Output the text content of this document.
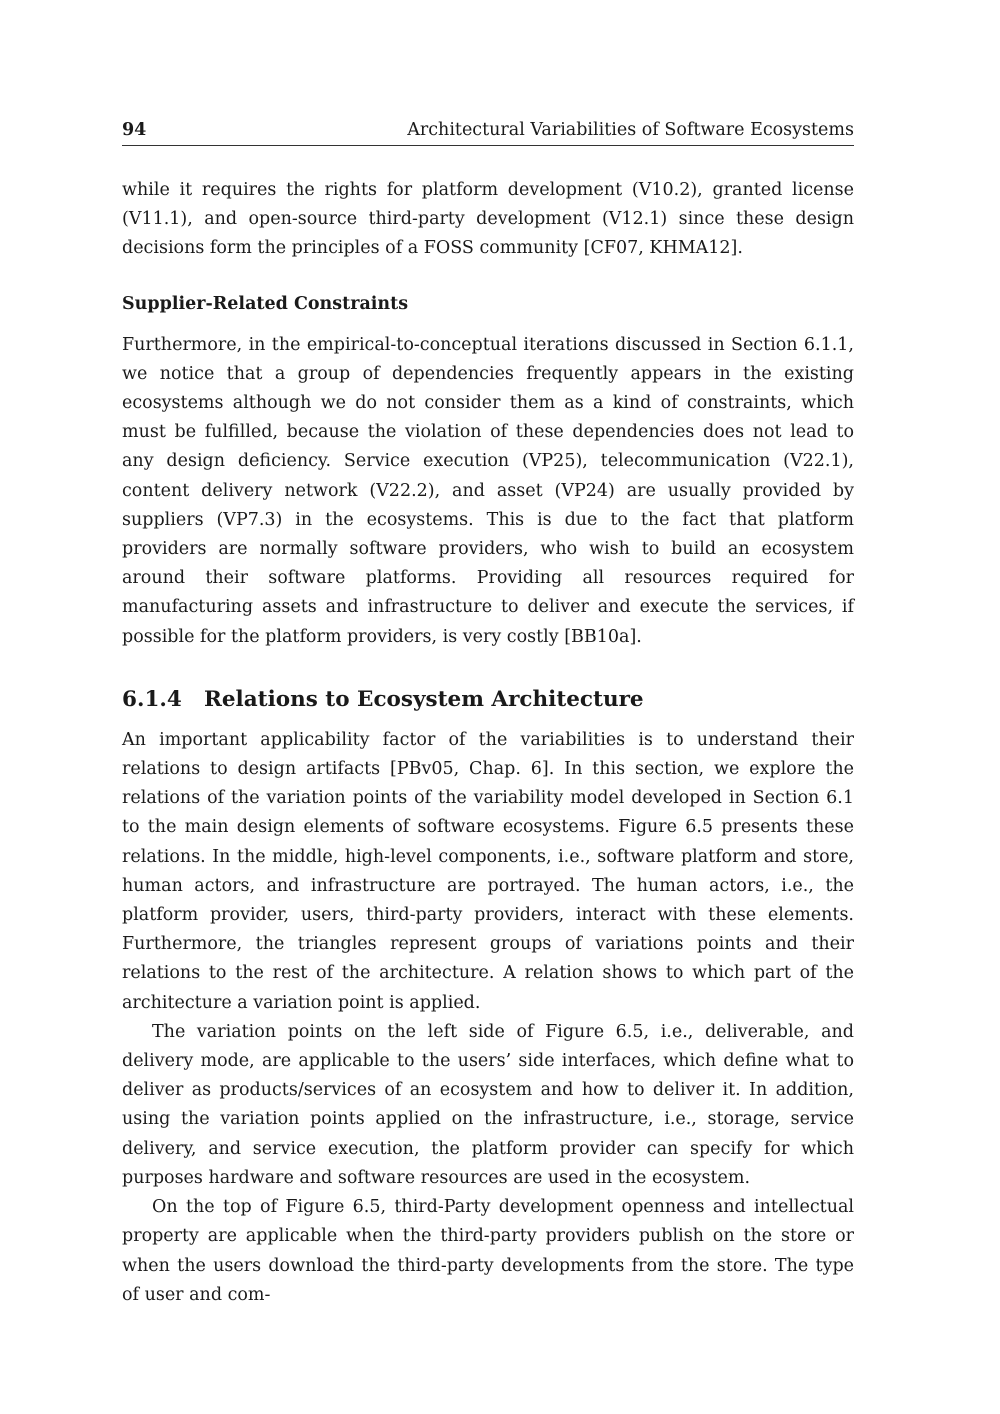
94	Architectural Variabilities of Software Ecosystems

while it requires the rights for platform development (V10.2), granted license (V11.1), and open-source third-party development (V12.1) since these design decisions form the principles of a FOSS community [CF07, KHMA12].

Supplier-Related Constraints

Furthermore, in the empirical-to-conceptual iterations discussed in Section 6.1.1, we notice that a group of dependencies frequently appears in the existing ecosystems although we do not consider them as a kind of constraints, which must be fulfilled, because the violation of these dependencies does not lead to any design deficiency. Service execution (VP25), telecommunication (V22.1), content delivery network (V22.2), and asset (VP24) are usually provided by suppliers (VP7.3) in the ecosystems. This is due to the fact that platform providers are normally software providers, who wish to build an ecosystem around their software platforms. Providing all resources required for manufacturing assets and infrastructure to deliver and execute the services, if possible for the platform providers, is very costly [BB10a].

6.1.4	Relations to Ecosystem Architecture

An important applicability factor of the variabilities is to understand their relations to design artifacts [PBv05, Chap. 6]. In this section, we explore the relations of the variation points of the variability model developed in Section 6.1 to the main design elements of software ecosystems. Figure 6.5 presents these relations. In the middle, high-level components, i.e., software platform and store, human actors, and infrastructure are portrayed. The human actors, i.e., the platform provider, users, third-party providers, interact with these elements. Furthermore, the triangles represent groups of variations points and their relations to the rest of the architecture. A relation shows to which part of the architecture a variation point is applied.

The variation points on the left side of Figure 6.5, i.e., deliverable, and delivery mode, are applicable to the users’ side interfaces, which define what to deliver as products/services of an ecosystem and how to deliver it. In addition, using the variation points applied on the infrastructure, i.e., storage, service delivery, and service execution, the platform provider can specify for which purposes hardware and software resources are used in the ecosystem.

On the top of Figure 6.5, third-Party development openness and intellectual property are applicable when the third-party providers publish on the store or when the users download the third-party developments from the store. The type of user and com-
